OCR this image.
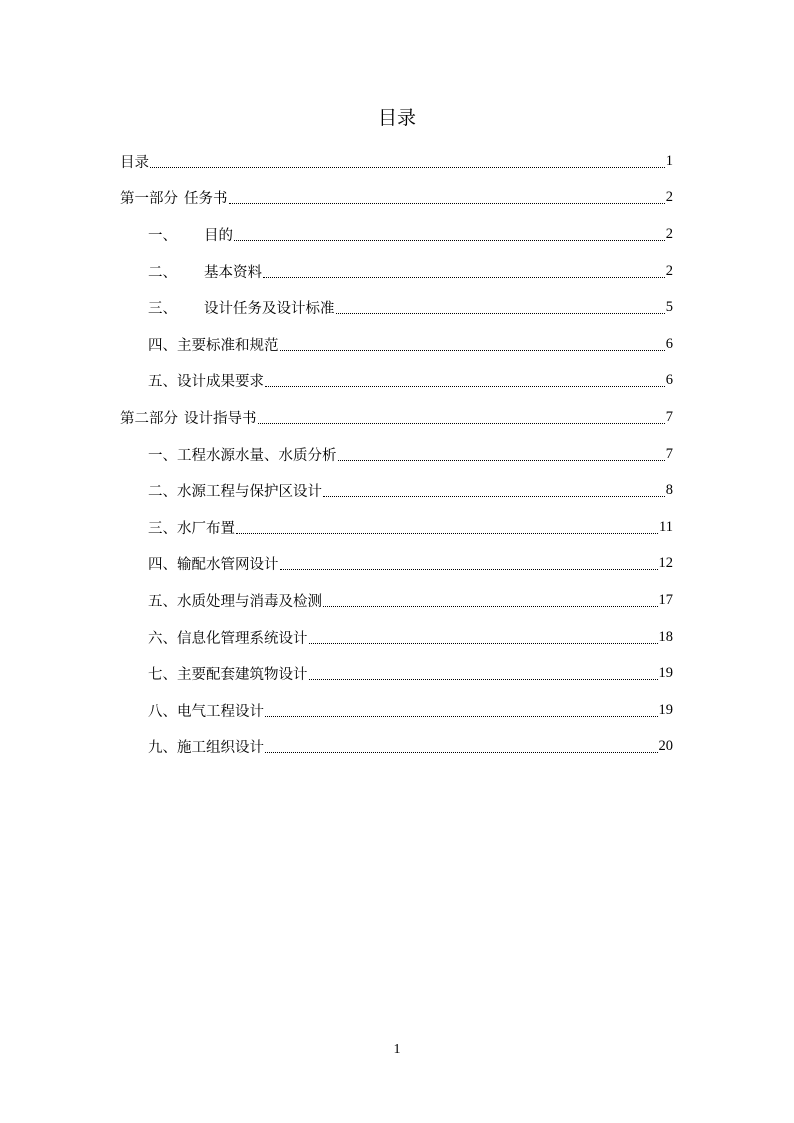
目录
目录	1
第一部分 任务书	2
一、 目的	2
二、 基本资料	2
三、 设计任务及设计标准	5
四、主要标准和规范	6
五、设计成果要求	6
第二部分 设计指导书	7
一、工程水源水量、水质分析	7
二、水源工程与保护区设计	8
三、水厂布置	11
四、输配水管网设计	12
五、水质处理与消毒及检测	17
六、信息化管理系统设计	18
七、主要配套建筑物设计	19
八、电气工程设计	19
九、施工组织设计	20
1
